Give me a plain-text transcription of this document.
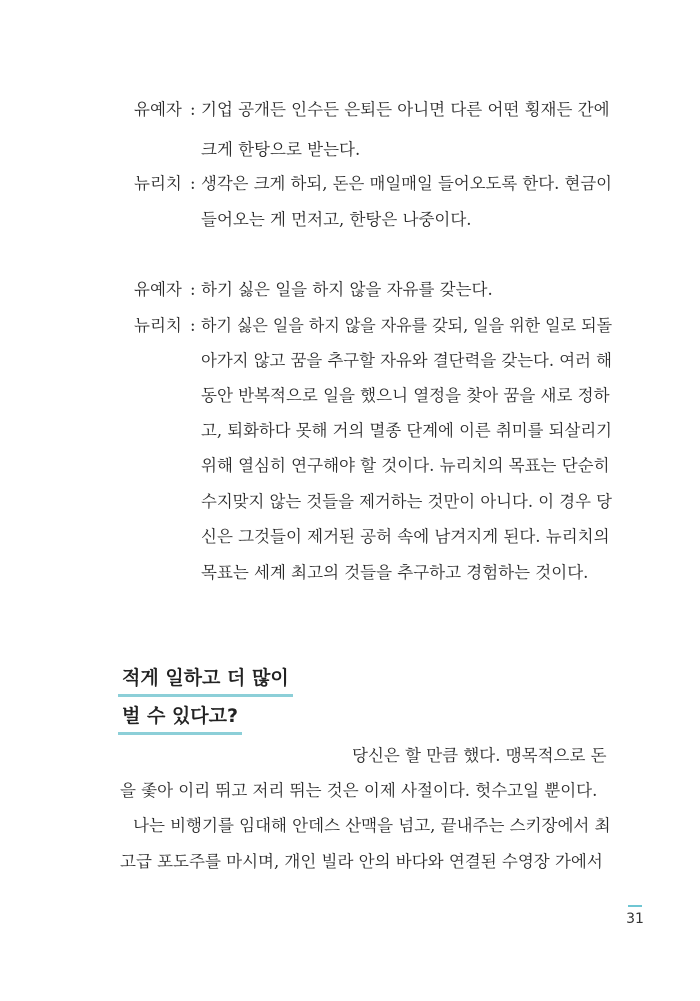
유예자 : 기업 공개든 인수든 은퇴든 아니면 다른 어떤 횡재든 간에
크게 한탕으로 받는다.
뉴리치 : 생각은 크게 하되, 돈은 매일매일 들어오도록 한다. 현금이
들어오는 게 먼저고, 한탕은 나중이다.
유예자 : 하기 싫은 일을 하지 않을 자유를 갖는다.
뉴리치 : 하기 싫은 일을 하지 않을 자유를 갖되, 일을 위한 일로 되돌
아가지 않고 꿈을 추구할 자유와 결단력을 갖는다. 여러 해
동안 반복적으로 일을 했으니 열정을 찾아 꿈을 새로 정하
고, 퇴화하다 못해 거의 멸종 단계에 이른 취미를 되살리기
위해 열심히 연구해야 할 것이다. 뉴리치의 목표는 단순히
수지맞지 않는 것들을 제거하는 것만이 아니다. 이 경우 당
신은 그것들이 제거된 공허 속에 남겨지게 된다. 뉴리치의
목표는 세계 최고의 것들을 추구하고 경험하는 것이다.
적게 일하고 더 많이
벌 수 있다고?
당신은 할 만큼 했다. 맹목적으로 돈
을 좇아 이리 뛰고 저리 뛰는 것은 이제 사절이다. 헛수고일 뿐이다.
나는 비행기를 임대해 안데스 산맥을 넘고, 끝내주는 스키장에서 최
고급 포도주를 마시며, 개인 빌라 안의 바다와 연결된 수영장 가에서
31
